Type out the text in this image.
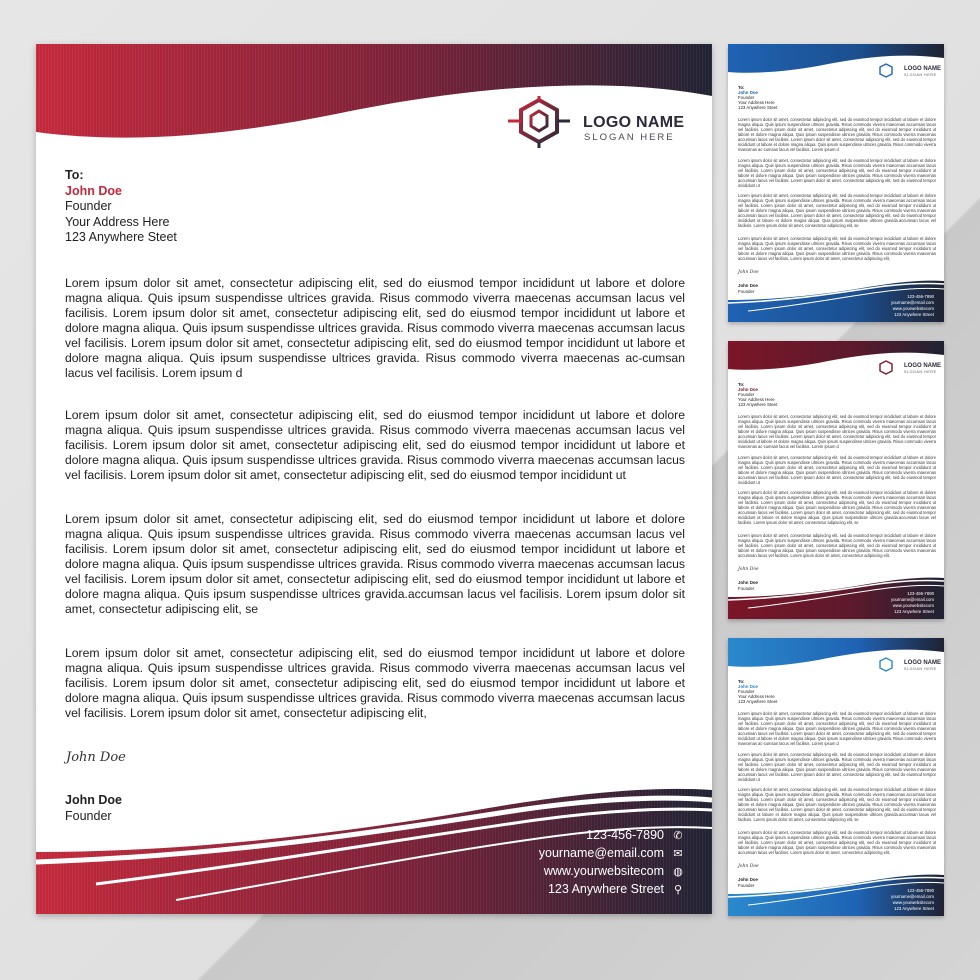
LOGO NAME
SLOGAN HERE
To:
John Doe
Founder
Your Address Here
123 Anywhere Steet

Lorem ipsum dolor sit amet, consectetur adipiscing elit, sed do eiusmod tempor incididunt ut labore et dolore magna aliqua. Quis ipsum suspendisse ultrices gravida. Risus commodo viverra maecenas accumsan lacus vel facilisis. Lorem ipsum dolor sit amet, consectetur adipiscing elit, sed do eiusmod tempor incididunt ut labore et dolore magna aliqua. Quis ipsum suspendisse ultrices gravida. Risus commodo viverra maecenas accumsan lacus vel facilisis. Lorem ipsum dolor sit amet, consectetur adipiscing elit, sed do eiusmod tempor incididunt ut labore et dolore magna aliqua. Quis ipsum suspendisse ultrices gravida. Risus commodo viverra maecenas ac-cumsan lacus vel facilisis. Lorem ipsum d

Lorem ipsum dolor sit amet, consectetur adipiscing elit, sed do eiusmod tempor incididunt ut labore et dolore magna aliqua. Quis ipsum suspendisse ultrices gravida. Risus commodo viverra maecenas accumsan lacus vel facilisis. Lorem ipsum dolor sit amet, consectetur adipiscing elit, sed do eiusmod tempor incididunt ut labore et dolore magna aliqua. Quis ipsum suspendisse ultrices gravida. Risus commodo viverra maecenas accumsan lacus vel facilisis. Lorem ipsum dolor sit amet, consectetur adipiscing elit, sed do eiusmod tempor incididunt ut

Lorem ipsum dolor sit amet, consectetur adipiscing elit, sed do eiusmod tempor incididunt ut labore et dolore magna aliqua. Quis ipsum suspendisse ultrices gravida. Risus commodo viverra maecenas accumsan lacus vel facilisis. Lorem ipsum dolor sit amet, consectetur adipiscing elit, sed do eiusmod tempor incididunt ut labore et dolore magna aliqua. Quis ipsum suspendisse ultrices gravida. Risus commodo viverra maecenas accumsan lacus vel facilisis. Lorem ipsum dolor sit amet, consectetur adipiscing elit, sed do eiusmod tempor incididunt ut labore et dolore magna aliqua. Quis ipsum suspendisse ultrices gravida.accumsan lacus vel facilisis. Lorem ipsum dolor sit amet, consectetur adipiscing elit, se

Lorem ipsum dolor sit amet, consectetur adipiscing elit, sed do eiusmod tempor incididunt ut labore et dolore magna aliqua. Quis ipsum suspendisse ultrices gravida. Risus commodo viverra maecenas accumsan lacus vel facilisis. Lorem ipsum dolor sit amet, consectetur adipiscing elit, sed do eiusmod tempor incididunt ut labore et dolore magna aliqua. Quis ipsum suspendisse ultrices gravida. Risus commodo viverra maecenas accumsan lacus vel facilisis. Lorem ipsum dolor sit amet, consectetur adipiscing elit,

John Doe
John Doe
Founder
123-456-7890 ✆
yourname@email.com ✉
www.yourwebsitecom ◍
123 Anywhere Street ⚲
LOGO NAME
SLOGAN HERE
To:
John Doe
Founder
Your Address Here
123 Anywhere Steet

Lorem ipsum dolor sit amet, consectetur adipiscing elit, sed do eiusmod tempor incididunt ut labore et dolore magna aliqua. Quis ipsum suspendisse ultrices gravida. Risus commodo viverra maecenas accumsan lacus vel facilisis. Lorem ipsum dolor sit amet, consectetur adipiscing elit, sed do eiusmod tempor incididunt ut labore et dolore magna aliqua. Quis ipsum suspendisse ultrices gravida. Risus commodo viverra maecenas accumsan lacus vel facilisis. Lorem ipsum dolor sit amet, consectetur adipiscing elit, sed do eiusmod tempor incididunt ut labore et dolore magna aliqua. Quis ipsum suspendisse ultrices gravida. Risus commodo viverra maecenas ac-cumsan lacus vel facilisis. Lorem ipsum d

Lorem ipsum dolor sit amet, consectetur adipiscing elit, sed do eiusmod tempor incididunt ut labore et dolore magna aliqua. Quis ipsum suspendisse ultrices gravida. Risus commodo viverra maecenas accumsan lacus vel facilisis. Lorem ipsum dolor sit amet, consectetur adipiscing elit, sed do eiusmod tempor incididunt ut labore et dolore magna aliqua. Quis ipsum suspendisse ultrices gravida. Risus commodo viverra maecenas accumsan lacus vel facilisis. Lorem ipsum dolor sit amet, consectetur adipiscing elit, sed do eiusmod tempor incididunt ut

Lorem ipsum dolor sit amet, consectetur adipiscing elit, sed do eiusmod tempor incididunt ut labore et dolore magna aliqua. Quis ipsum suspendisse ultrices gravida. Risus commodo viverra maecenas accumsan lacus vel facilisis. Lorem ipsum dolor sit amet, consectetur adipiscing elit, sed do eiusmod tempor incididunt ut labore et dolore magna aliqua. Quis ipsum suspendisse ultrices gravida. Risus commodo viverra maecenas accumsan lacus vel facilisis. Lorem ipsum dolor sit amet, consectetur adipiscing elit, sed do eiusmod tempor incididunt ut labore et dolore magna aliqua. Quis ipsum suspendisse ultrices gravida.accumsan lacus vel facilisis. Lorem ipsum dolor sit amet, consectetur adipiscing elit, se

Lorem ipsum dolor sit amet, consectetur adipiscing elit, sed do eiusmod tempor incididunt ut labore et dolore magna aliqua. Quis ipsum suspendisse ultrices gravida. Risus commodo viverra maecenas accumsan lacus vel facilisis. Lorem ipsum dolor sit amet, consectetur adipiscing elit, sed do eiusmod tempor incididunt ut labore et dolore magna aliqua. Quis ipsum suspendisse ultrices gravida. Risus commodo viverra maecenas accumsan lacus vel facilisis. Lorem ipsum dolor sit amet, consectetur adipiscing elit,

John Doe
John Doe
Founder
123-456-7890
yourname@email.com
www.yourwebsitecom
123 Anywhere Street
LOGO NAME
SLOGAN HERE
To:
John Doe
Founder
Your Address Here
123 Anywhere Steet

Lorem ipsum dolor sit amet, consectetur adipiscing elit, sed do eiusmod tempor incididunt ut labore et dolore magna aliqua. Quis ipsum suspendisse ultrices gravida. Risus commodo viverra maecenas accumsan lacus vel facilisis. Lorem ipsum dolor sit amet, consectetur adipiscing elit, sed do eiusmod tempor incididunt ut labore et dolore magna aliqua. Quis ipsum suspendisse ultrices gravida. Risus commodo viverra maecenas accumsan lacus vel facilisis. Lorem ipsum dolor sit amet, consectetur adipiscing elit, sed do eiusmod tempor incididunt ut labore et dolore magna aliqua. Quis ipsum suspendisse ultrices gravida. Risus commodo viverra maecenas ac-cumsan lacus vel facilisis. Lorem ipsum d

Lorem ipsum dolor sit amet, consectetur adipiscing elit, sed do eiusmod tempor incididunt ut labore et dolore magna aliqua. Quis ipsum suspendisse ultrices gravida. Risus commodo viverra maecenas accumsan lacus vel facilisis. Lorem ipsum dolor sit amet, consectetur adipiscing elit, sed do eiusmod tempor incididunt ut labore et dolore magna aliqua. Quis ipsum suspendisse ultrices gravida. Risus commodo viverra maecenas accumsan lacus vel facilisis. Lorem ipsum dolor sit amet, consectetur adipiscing elit, sed do eiusmod tempor incididunt ut

Lorem ipsum dolor sit amet, consectetur adipiscing elit, sed do eiusmod tempor incididunt ut labore et dolore magna aliqua. Quis ipsum suspendisse ultrices gravida. Risus commodo viverra maecenas accumsan lacus vel facilisis. Lorem ipsum dolor sit amet, consectetur adipiscing elit, sed do eiusmod tempor incididunt ut labore et dolore magna aliqua. Quis ipsum suspendisse ultrices gravida. Risus commodo viverra maecenas accumsan lacus vel facilisis. Lorem ipsum dolor sit amet, consectetur adipiscing elit, sed do eiusmod tempor incididunt ut labore et dolore magna aliqua. Quis ipsum suspendisse ultrices gravida.accumsan lacus vel facilisis. Lorem ipsum dolor sit amet, consectetur adipiscing elit, se

Lorem ipsum dolor sit amet, consectetur adipiscing elit, sed do eiusmod tempor incididunt ut labore et dolore magna aliqua. Quis ipsum suspendisse ultrices gravida. Risus commodo viverra maecenas accumsan lacus vel facilisis. Lorem ipsum dolor sit amet, consectetur adipiscing elit, sed do eiusmod tempor incididunt ut labore et dolore magna aliqua. Quis ipsum suspendisse ultrices gravida. Risus commodo viverra maecenas accumsan lacus vel facilisis. Lorem ipsum dolor sit amet, consectetur adipiscing elit,

John Doe
John Doe
Founder
123-456-7890
yourname@email.com
www.yourwebsitecom
123 Anywhere Street
LOGO NAME
SLOGAN HERE
To:
John Doe
Founder
Your Address Here
123 Anywhere Steet

Lorem ipsum dolor sit amet, consectetur adipiscing elit, sed do eiusmod tempor incididunt ut labore et dolore magna aliqua. Quis ipsum suspendisse ultrices gravida. Risus commodo viverra maecenas accumsan lacus vel facilisis. Lorem ipsum dolor sit amet, consectetur adipiscing elit, sed do eiusmod tempor incididunt ut labore et dolore magna aliqua. Quis ipsum suspendisse ultrices gravida. Risus commodo viverra maecenas accumsan lacus vel facilisis. Lorem ipsum dolor sit amet, consectetur adipiscing elit, sed do eiusmod tempor incididunt ut labore et dolore magna aliqua. Quis ipsum suspendisse ultrices gravida. Risus commodo viverra maecenas ac-cumsan lacus vel facilisis. Lorem ipsum d

Lorem ipsum dolor sit amet, consectetur adipiscing elit, sed do eiusmod tempor incididunt ut labore et dolore magna aliqua. Quis ipsum suspendisse ultrices gravida. Risus commodo viverra maecenas accumsan lacus vel facilisis. Lorem ipsum dolor sit amet, consectetur adipiscing elit, sed do eiusmod tempor incididunt ut labore et dolore magna aliqua. Quis ipsum suspendisse ultrices gravida. Risus commodo viverra maecenas accumsan lacus vel facilisis. Lorem ipsum dolor sit amet, consectetur adipiscing elit, sed do eiusmod tempor incididunt ut

Lorem ipsum dolor sit amet, consectetur adipiscing elit, sed do eiusmod tempor incididunt ut labore et dolore magna aliqua. Quis ipsum suspendisse ultrices gravida. Risus commodo viverra maecenas accumsan lacus vel facilisis. Lorem ipsum dolor sit amet, consectetur adipiscing elit, sed do eiusmod tempor incididunt ut labore et dolore magna aliqua. Quis ipsum suspendisse ultrices gravida. Risus commodo viverra maecenas accumsan lacus vel facilisis. Lorem ipsum dolor sit amet, consectetur adipiscing elit, sed do eiusmod tempor incididunt ut labore et dolore magna aliqua. Quis ipsum suspendisse ultrices gravida.accumsan lacus vel facilisis. Lorem ipsum dolor sit amet, consectetur adipiscing elit, se

Lorem ipsum dolor sit amet, consectetur adipiscing elit, sed do eiusmod tempor incididunt ut labore et dolore magna aliqua. Quis ipsum suspendisse ultrices gravida. Risus commodo viverra maecenas accumsan lacus vel facilisis. Lorem ipsum dolor sit amet, consectetur adipiscing elit, sed do eiusmod tempor incididunt ut labore et dolore magna aliqua. Quis ipsum suspendisse ultrices gravida. Risus commodo viverra maecenas accumsan lacus vel facilisis. Lorem ipsum dolor sit amet, consectetur adipiscing elit,

John Doe
John Doe
Founder
123-456-7890
yourname@email.com
www.yourwebsitecom
123 Anywhere Street
